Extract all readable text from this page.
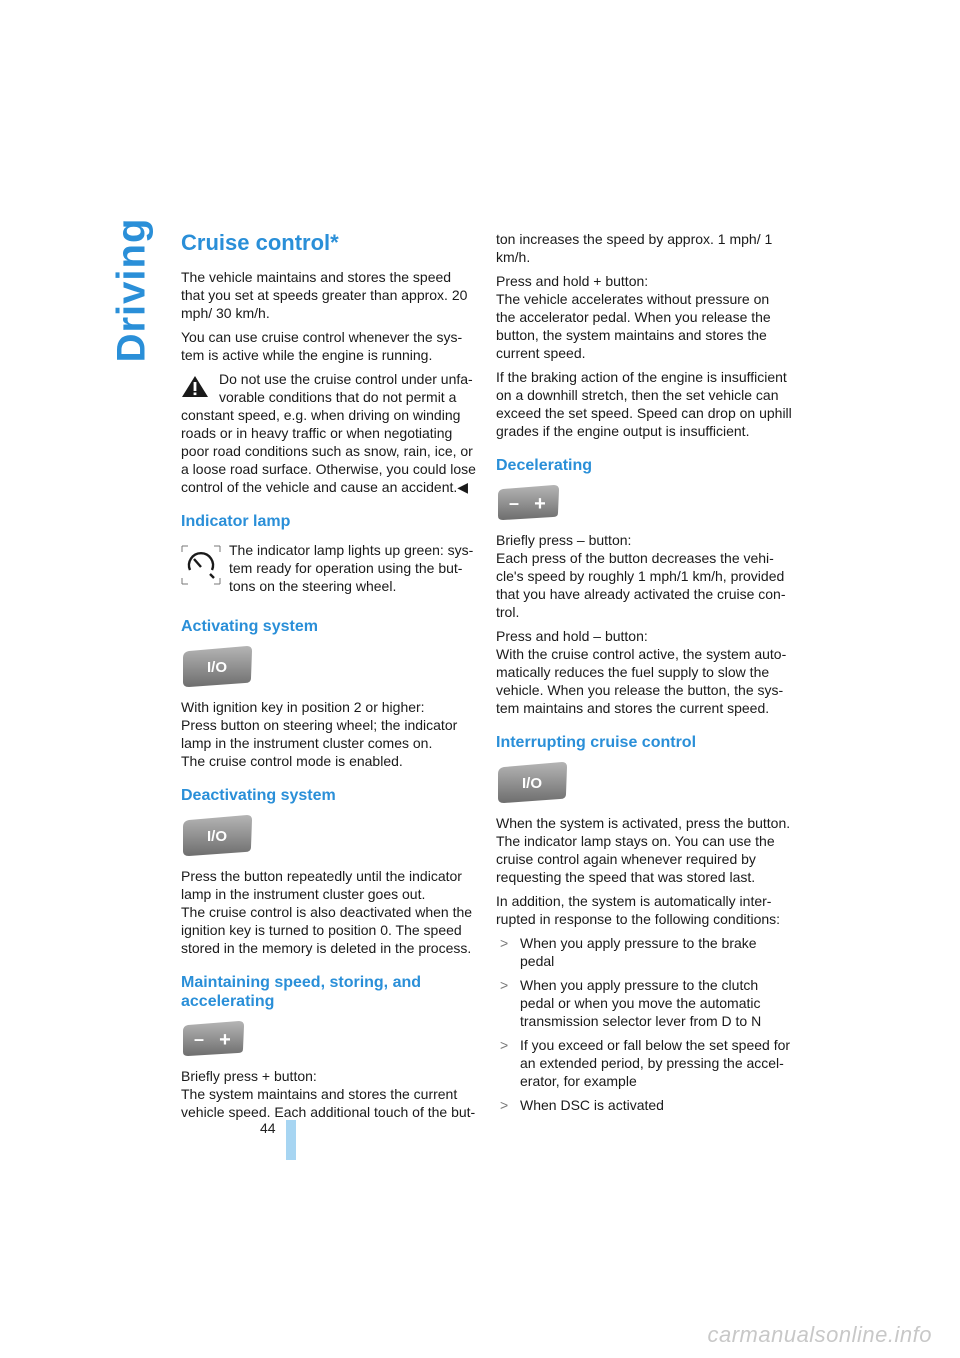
Driving Cruise control*

The vehicle maintains and stores the speed that you set at speeds greater than approx. 20 mph/ 30 km/h.

You can use cruise control whenever the sys- tem is active while the engine is running.

Do not use the cruise control under unfa- vorable conditions that do not permit a constant speed, e.g. when driving on winding roads or in heavy traffic or when negotiating poor road conditions such as snow, rain, ice, or a loose road surface. Otherwise, you could lose control of the vehicle and cause an accident.◀

Indicator lamp

The indicator lamp lights up green: sys- tem ready for operation using the but- tons on the steering wheel.

Activating system
I/O

With ignition key in position 2 or higher:
Press button on steering wheel; the indicator lamp in the instrument cluster comes on.
The cruise control mode is enabled.

Deactivating system
I/O

Press the button repeatedly until the indicator lamp in the instrument cluster goes out.
The cruise control is also deactivated when the ignition key is turned to position 0. The speed stored in the memory is deleted in the process.

Maintaining speed, storing, and accelerating
– +

Briefly press + button:
The system maintains and stores the current vehicle speed. Each additional touch of the but-

ton increases the speed by approx. 1 mph/ 1 km/h.

Press and hold + button:
The vehicle accelerates without pressure on the accelerator pedal. When you release the button, the system maintains and stores the current speed.

If the braking action of the engine is insufficient on a downhill stretch, then the set vehicle can exceed the set speed. Speed can drop on uphill grades if the engine output is insufficient.

Decelerating
– +

Briefly press – button:
Each press of the button decreases the vehi- cle's speed by roughly 1 mph/1 km/h, provided that you have already activated the cruise con- trol.

Press and hold – button:
With the cruise control active, the system auto- matically reduces the fuel supply to slow the vehicle. When you release the button, the sys- tem maintains and stores the current speed.

Interrupting cruise control
I/O

When the system is activated, press the button.
The indicator lamp stays on. You can use the cruise control again whenever required by requesting the speed that was stored last.

In addition, the system is automatically inter- rupted in response to the following conditions:

> When you apply pressure to the brake pedal
> When you apply pressure to the clutch pedal or when you move the automatic transmission selector lever from D to N
> If you exceed or fall below the set speed for an extended period, by pressing the accel- erator, for example
> When DSC is activated
44
carmanualsonline.info
